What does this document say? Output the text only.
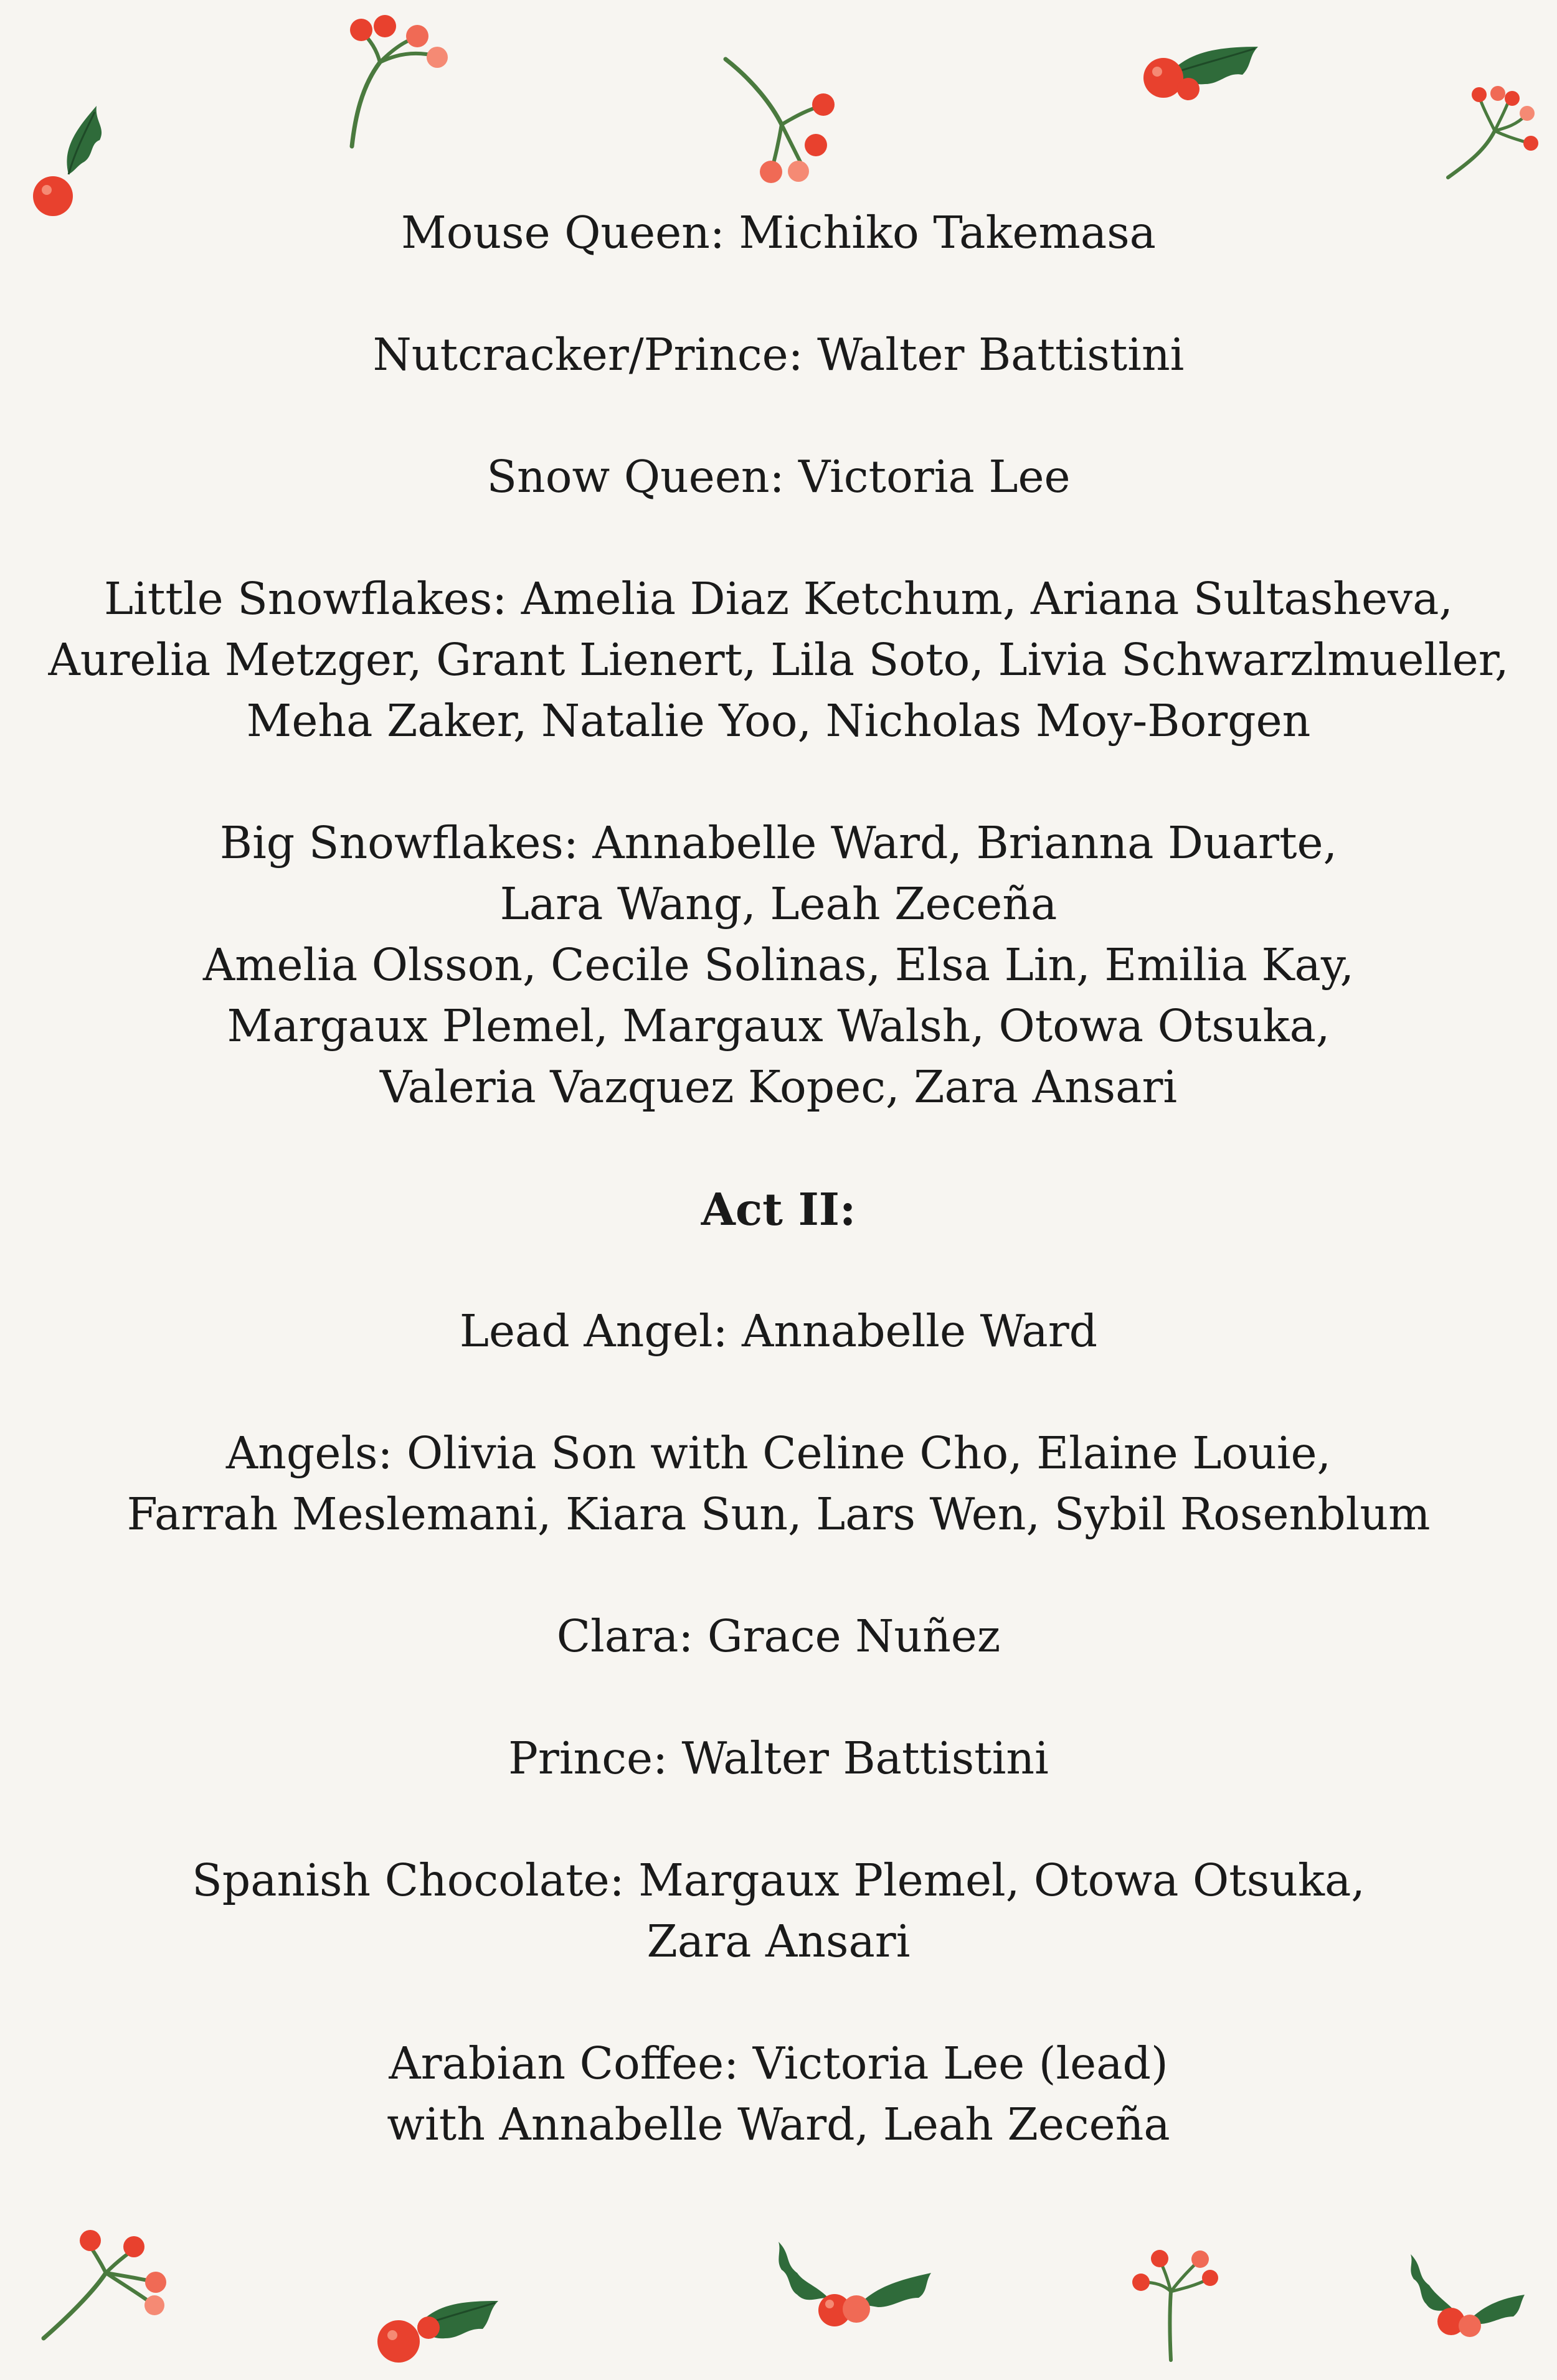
Mouse Queen: Michiko Takemasa
Nutcracker/Prince: Walter Battistini
Snow Queen: Victoria Lee
Little Snowflakes: Amelia Diaz Ketchum, Ariana Sultasheva,
Aurelia Metzger, Grant Lienert, Lila Soto, Livia Schwarzlmueller,
Meha Zaker, Natalie Yoo, Nicholas Moy-Borgen
Big Snowflakes: Annabelle Ward, Brianna Duarte,
Lara Wang, Leah Zeceña
Amelia Olsson, Cecile Solinas, Elsa Lin, Emilia Kay,
Margaux Plemel, Margaux Walsh, Otowa Otsuka,
Valeria Vazquez Kopec, Zara Ansari
Act II:
Lead Angel: Annabelle Ward
Angels: Olivia Son with Celine Cho, Elaine Louie,
Farrah Meslemani, Kiara Sun, Lars Wen, Sybil Rosenblum
Clara: Grace Nuñez
Prince: Walter Battistini
Spanish Chocolate: Margaux Plemel, Otowa Otsuka,
Zara Ansari
Arabian Coffee: Victoria Lee (lead)
with Annabelle Ward, Leah Zeceña
